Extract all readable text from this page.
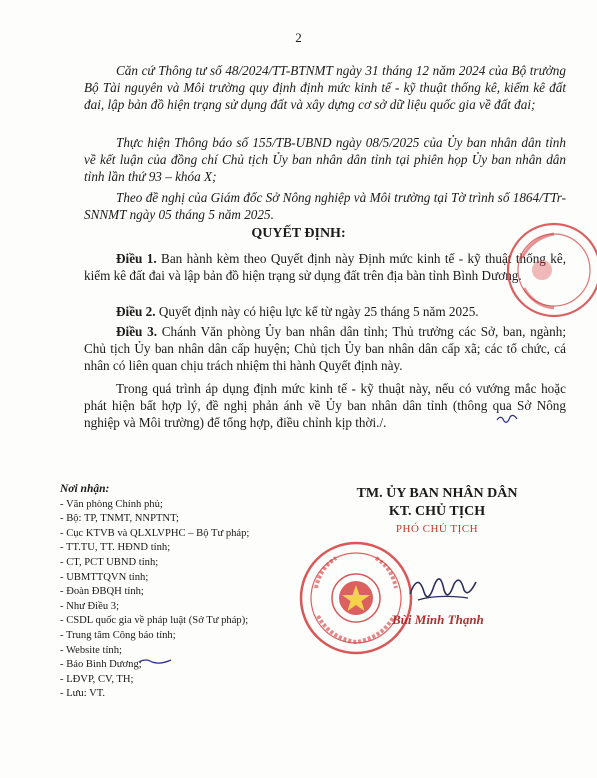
2
Căn cứ Thông tư số 48/2024/TT-BTNMT ngày 31 tháng 12 năm 2024 của Bộ trưởng Bộ Tài nguyên và Môi trường quy định định mức kinh tế - kỹ thuật thống kê, kiểm kê đất đai, lập bản đồ hiện trạng sử dụng đất và xây dựng cơ sở dữ liệu quốc gia về đất đai;
Thực hiện Thông báo số 155/TB-UBND ngày 08/5/2025 của Ủy ban nhân dân tỉnh về kết luận của đồng chí Chủ tịch Ủy ban nhân dân tỉnh tại phiên họp Ủy ban nhân dân tỉnh lần thứ 93 – khóa X;
Theo đề nghị của Giám đốc Sở Nông nghiệp và Môi trường tại Tờ trình số 1864/TTr-SNNMT ngày 05 tháng 5 năm 2025.
QUYẾT ĐỊNH:
Điều 1. Ban hành kèm theo Quyết định này Định mức kinh tế - kỹ thuật thống kê, kiểm kê đất đai và lập bản đồ hiện trạng sử dụng đất trên địa bàn tỉnh Bình Dương.
Điều 2. Quyết định này có hiệu lực kể từ ngày 25 tháng 5 năm 2025.
Điều 3. Chánh Văn phòng Ủy ban nhân dân tỉnh; Thủ trưởng các Sở, ban, ngành; Chủ tịch Ủy ban nhân dân cấp huyện; Chủ tịch Ủy ban nhân dân cấp xã; các tổ chức, cá nhân có liên quan chịu trách nhiệm thi hành Quyết định này.
Trong quá trình áp dụng định mức kinh tế - kỹ thuật này, nếu có vướng mắc hoặc phát hiện bất hợp lý, đề nghị phản ánh về Ủy ban nhân dân tỉnh (thông qua Sở Nông nghiệp và Môi trường) để tổng hợp, điều chỉnh kịp thời./.
Nơi nhận:
- Văn phòng Chính phủ;
- Bộ: TP, TNMT, NNPTNT;
- Cục KTVB và QLXLVPHC – Bộ Tư pháp;
- TT.TU, TT. HĐND tỉnh;
- CT, PCT UBND tỉnh;
- UBMTTQVN tỉnh;
- Đoàn ĐBQH tỉnh;
- Như Điều 3;
- CSDL quốc gia về pháp luật (Sở Tư pháp);
- Trung tâm Công báo tỉnh;
- Website tỉnh;
- Báo Bình Dương;
- LĐVP, CV, TH;
- Lưu: VT.
TM. ỦY BAN NHÂN DÂN
KT. CHỦ TỊCH
PHÓ CHỦ TỊCH
Bùi Minh Thạnh
